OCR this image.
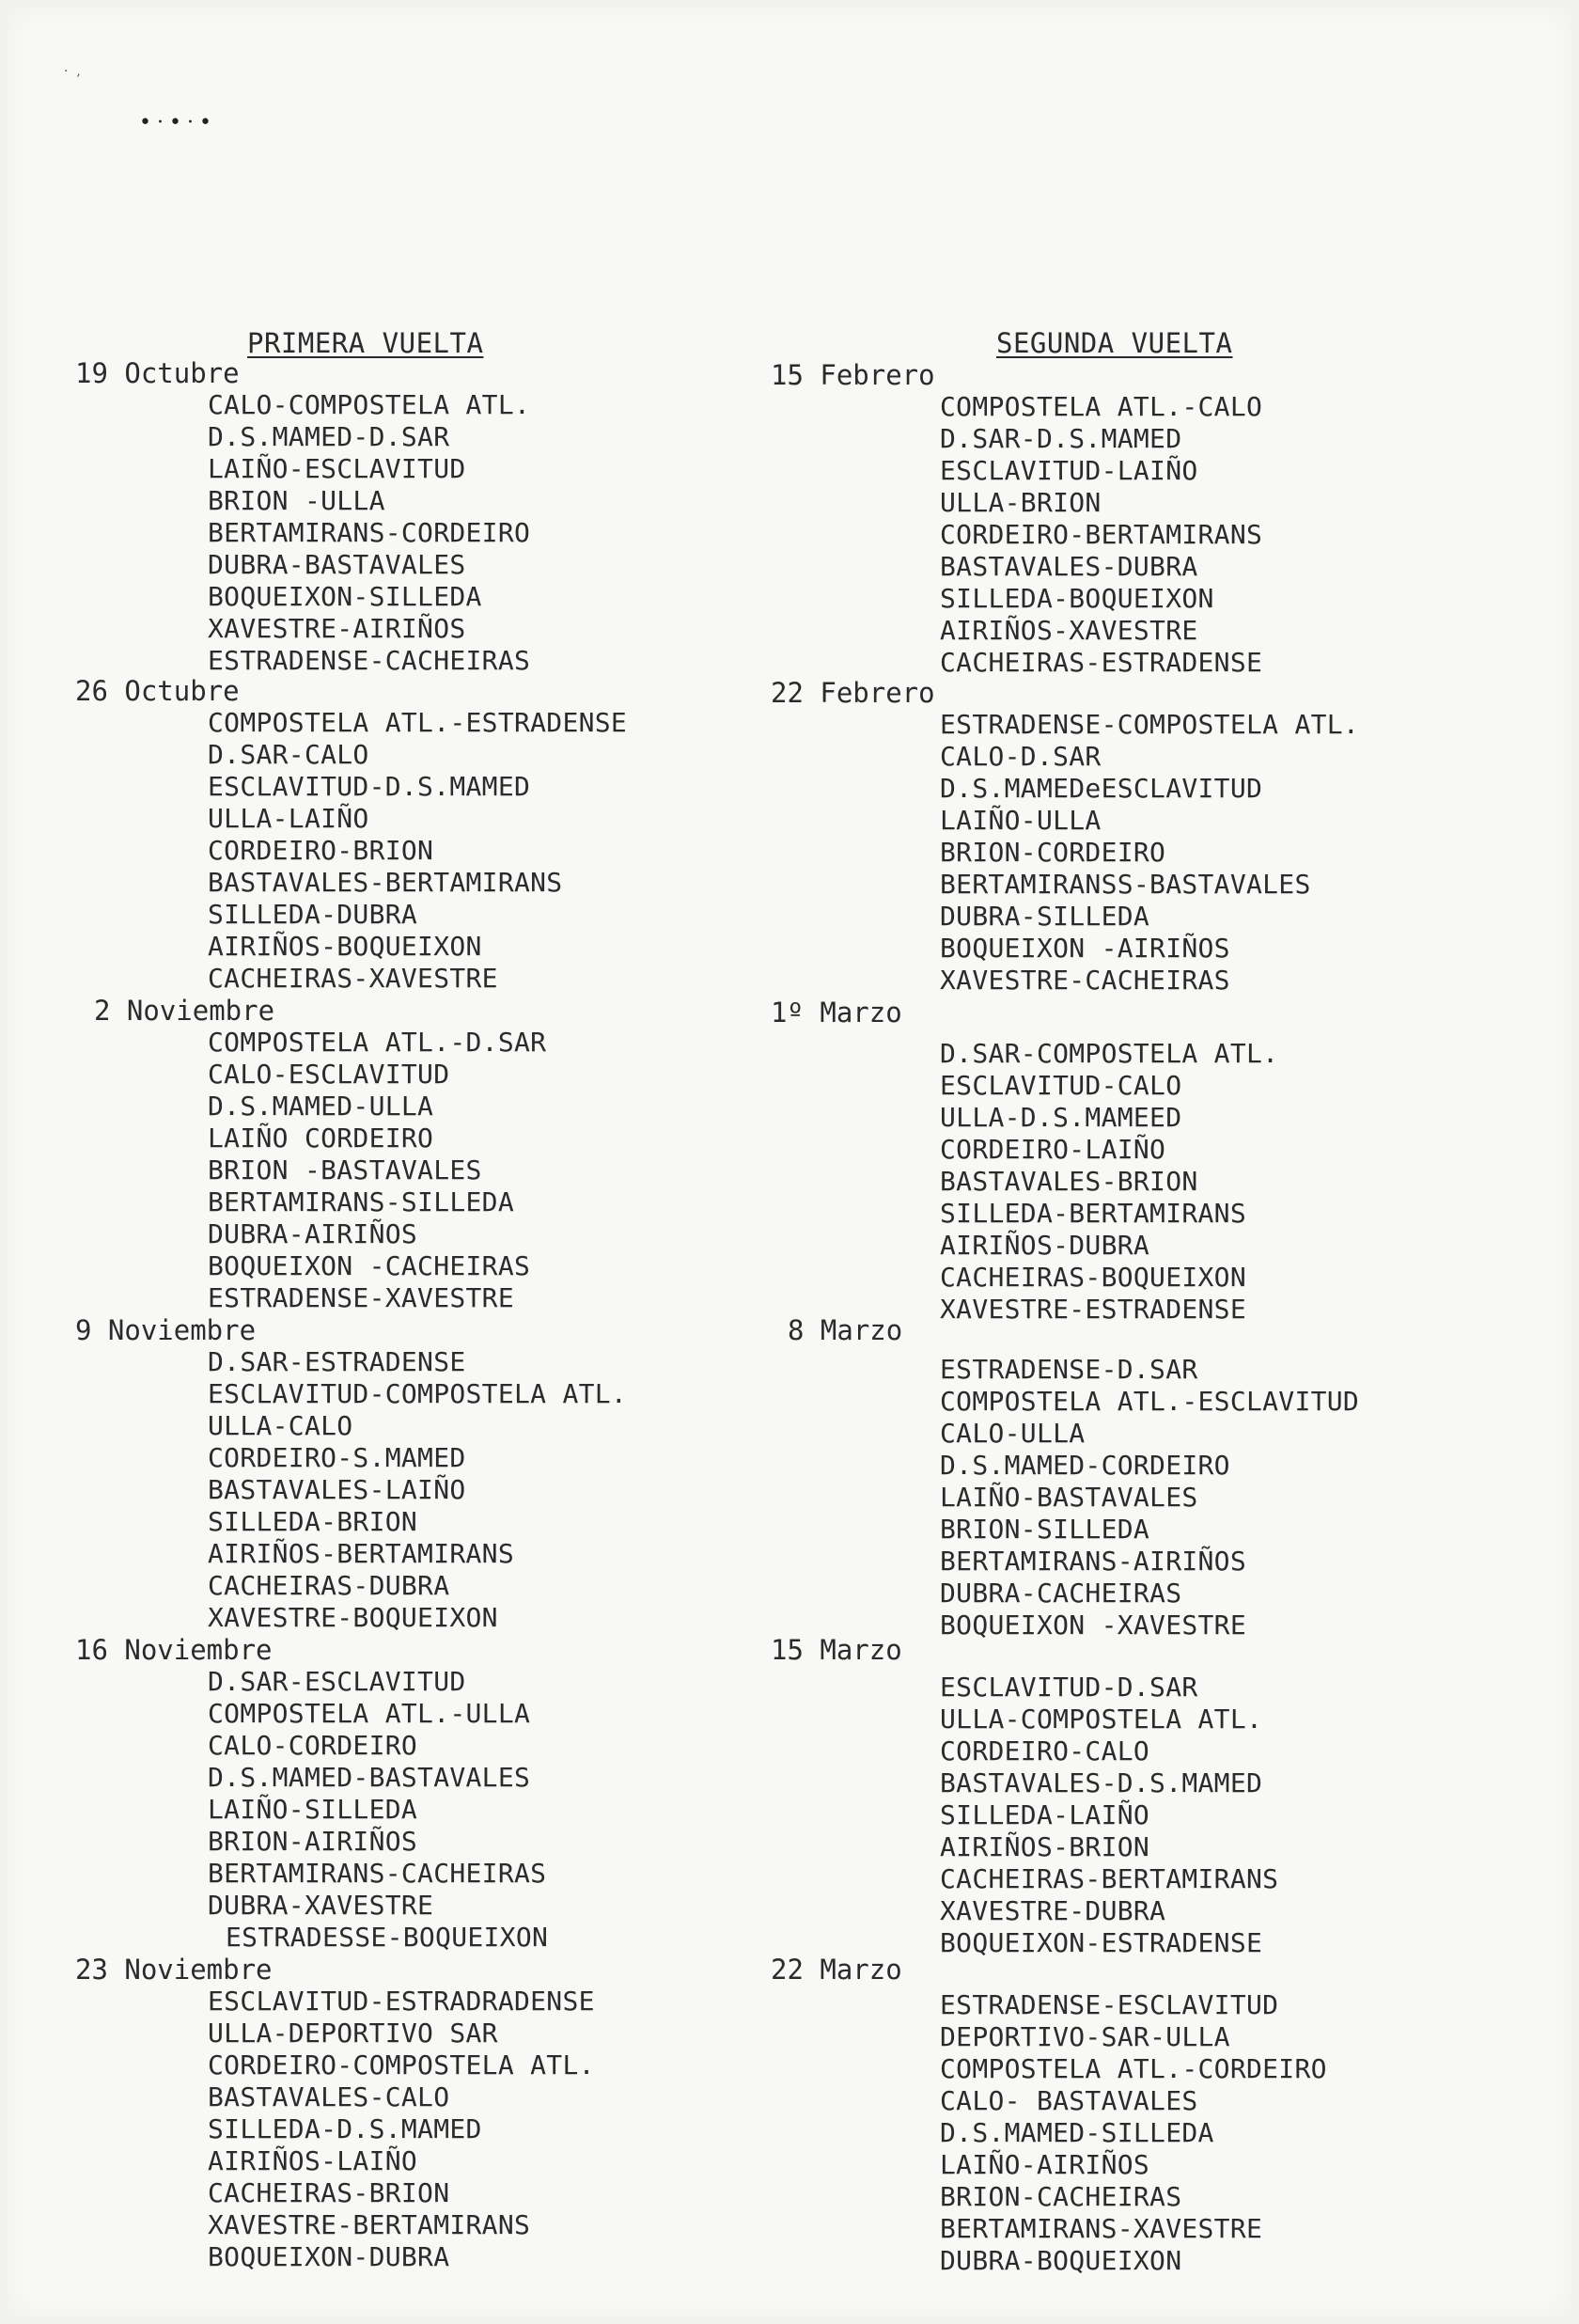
·  ,
•·•·•
PRIMERA VUELTA
19 Octubre
CALO-COMPOSTELA ATL.
D.S.MAMED-D.SAR
LAIÑO-ESCLAVITUD
BRION -ULLA
BERTAMIRANS-CORDEIRO
DUBRA-BASTAVALES
BOQUEIXON-SILLEDA
XAVESTRE-AIRIÑOS
ESTRADENSE-CACHEIRAS
26 Octubre
COMPOSTELA ATL.-ESTRADENSE
D.SAR-CALO
ESCLAVITUD-D.S.MAMED
ULLA-LAIÑO
CORDEIRO-BRION
BASTAVALES-BERTAMIRANS
SILLEDA-DUBRA
AIRIÑOS-BOQUEIXON
CACHEIRAS-XAVESTRE
2 Noviembre
COMPOSTELA ATL.-D.SAR
CALO-ESCLAVITUD
D.S.MAMED-ULLA
LAIÑO CORDEIRO
BRION -BASTAVALES
BERTAMIRANS-SILLEDA
DUBRA-AIRIÑOS
BOQUEIXON -CACHEIRAS
ESTRADENSE-XAVESTRE
9 Noviembre
D.SAR-ESTRADENSE
ESCLAVITUD-COMPOSTELA ATL.
ULLA-CALO
CORDEIRO-S.MAMED
BASTAVALES-LAIÑO
SILLEDA-BRION
AIRIÑOS-BERTAMIRANS
CACHEIRAS-DUBRA
XAVESTRE-BOQUEIXON
16 Noviembre
D.SAR-ESCLAVITUD
COMPOSTELA ATL.-ULLA
CALO-CORDEIRO
D.S.MAMED-BASTAVALES
LAIÑO-SILLEDA
BRION-AIRIÑOS
BERTAMIRANS-CACHEIRAS
DUBRA-XAVESTRE
ESTRADESSE-BOQUEIXON
23 Noviembre
ESCLAVITUD-ESTRADRADENSE
ULLA-DEPORTIVO SAR
CORDEIRO-COMPOSTELA ATL.
BASTAVALES-CALO
SILLEDA-D.S.MAMED
AIRIÑOS-LAIÑO
CACHEIRAS-BRION
XAVESTRE-BERTAMIRANS
BOQUEIXON-DUBRA
SEGUNDA VUELTA
15 Febrero
COMPOSTELA ATL.-CALO
D.SAR-D.S.MAMED
ESCLAVITUD-LAIÑO
ULLA-BRION
CORDEIRO-BERTAMIRANS
BASTAVALES-DUBRA
SILLEDA-BOQUEIXON
AIRIÑOS-XAVESTRE
CACHEIRAS-ESTRADENSE
22 Febrero
ESTRADENSE-COMPOSTELA ATL.
CALO-D.SAR
D.S.MAMEDeESCLAVITUD
LAIÑO-ULLA
BRION-CORDEIRO
BERTAMIRANSS-BASTAVALES
DUBRA-SILLEDA
BOQUEIXON -AIRIÑOS
XAVESTRE-CACHEIRAS
1º Marzo
D.SAR-COMPOSTELA ATL.
ESCLAVITUD-CALO
ULLA-D.S.MAMEED
CORDEIRO-LAIÑO
BASTAVALES-BRION
SILLEDA-BERTAMIRANS
AIRIÑOS-DUBRA
CACHEIRAS-BOQUEIXON
XAVESTRE-ESTRADENSE
8 Marzo
ESTRADENSE-D.SAR
COMPOSTELA ATL.-ESCLAVITUD
CALO-ULLA
D.S.MAMED-CORDEIRO
LAIÑO-BASTAVALES
BRION-SILLEDA
BERTAMIRANS-AIRIÑOS
DUBRA-CACHEIRAS
BOQUEIXON -XAVESTRE
15 Marzo
ESCLAVITUD-D.SAR
ULLA-COMPOSTELA ATL.
CORDEIRO-CALO
BASTAVALES-D.S.MAMED
SILLEDA-LAIÑO
AIRIÑOS-BRION
CACHEIRAS-BERTAMIRANS
XAVESTRE-DUBRA
BOQUEIXON-ESTRADENSE
22 Marzo
ESTRADENSE-ESCLAVITUD
DEPORTIVO-SAR-ULLA
COMPOSTELA ATL.-CORDEIRO
CALO- BASTAVALES
D.S.MAMED-SILLEDA
LAIÑO-AIRIÑOS
BRION-CACHEIRAS
BERTAMIRANS-XAVESTRE
DUBRA-BOQUEIXON
